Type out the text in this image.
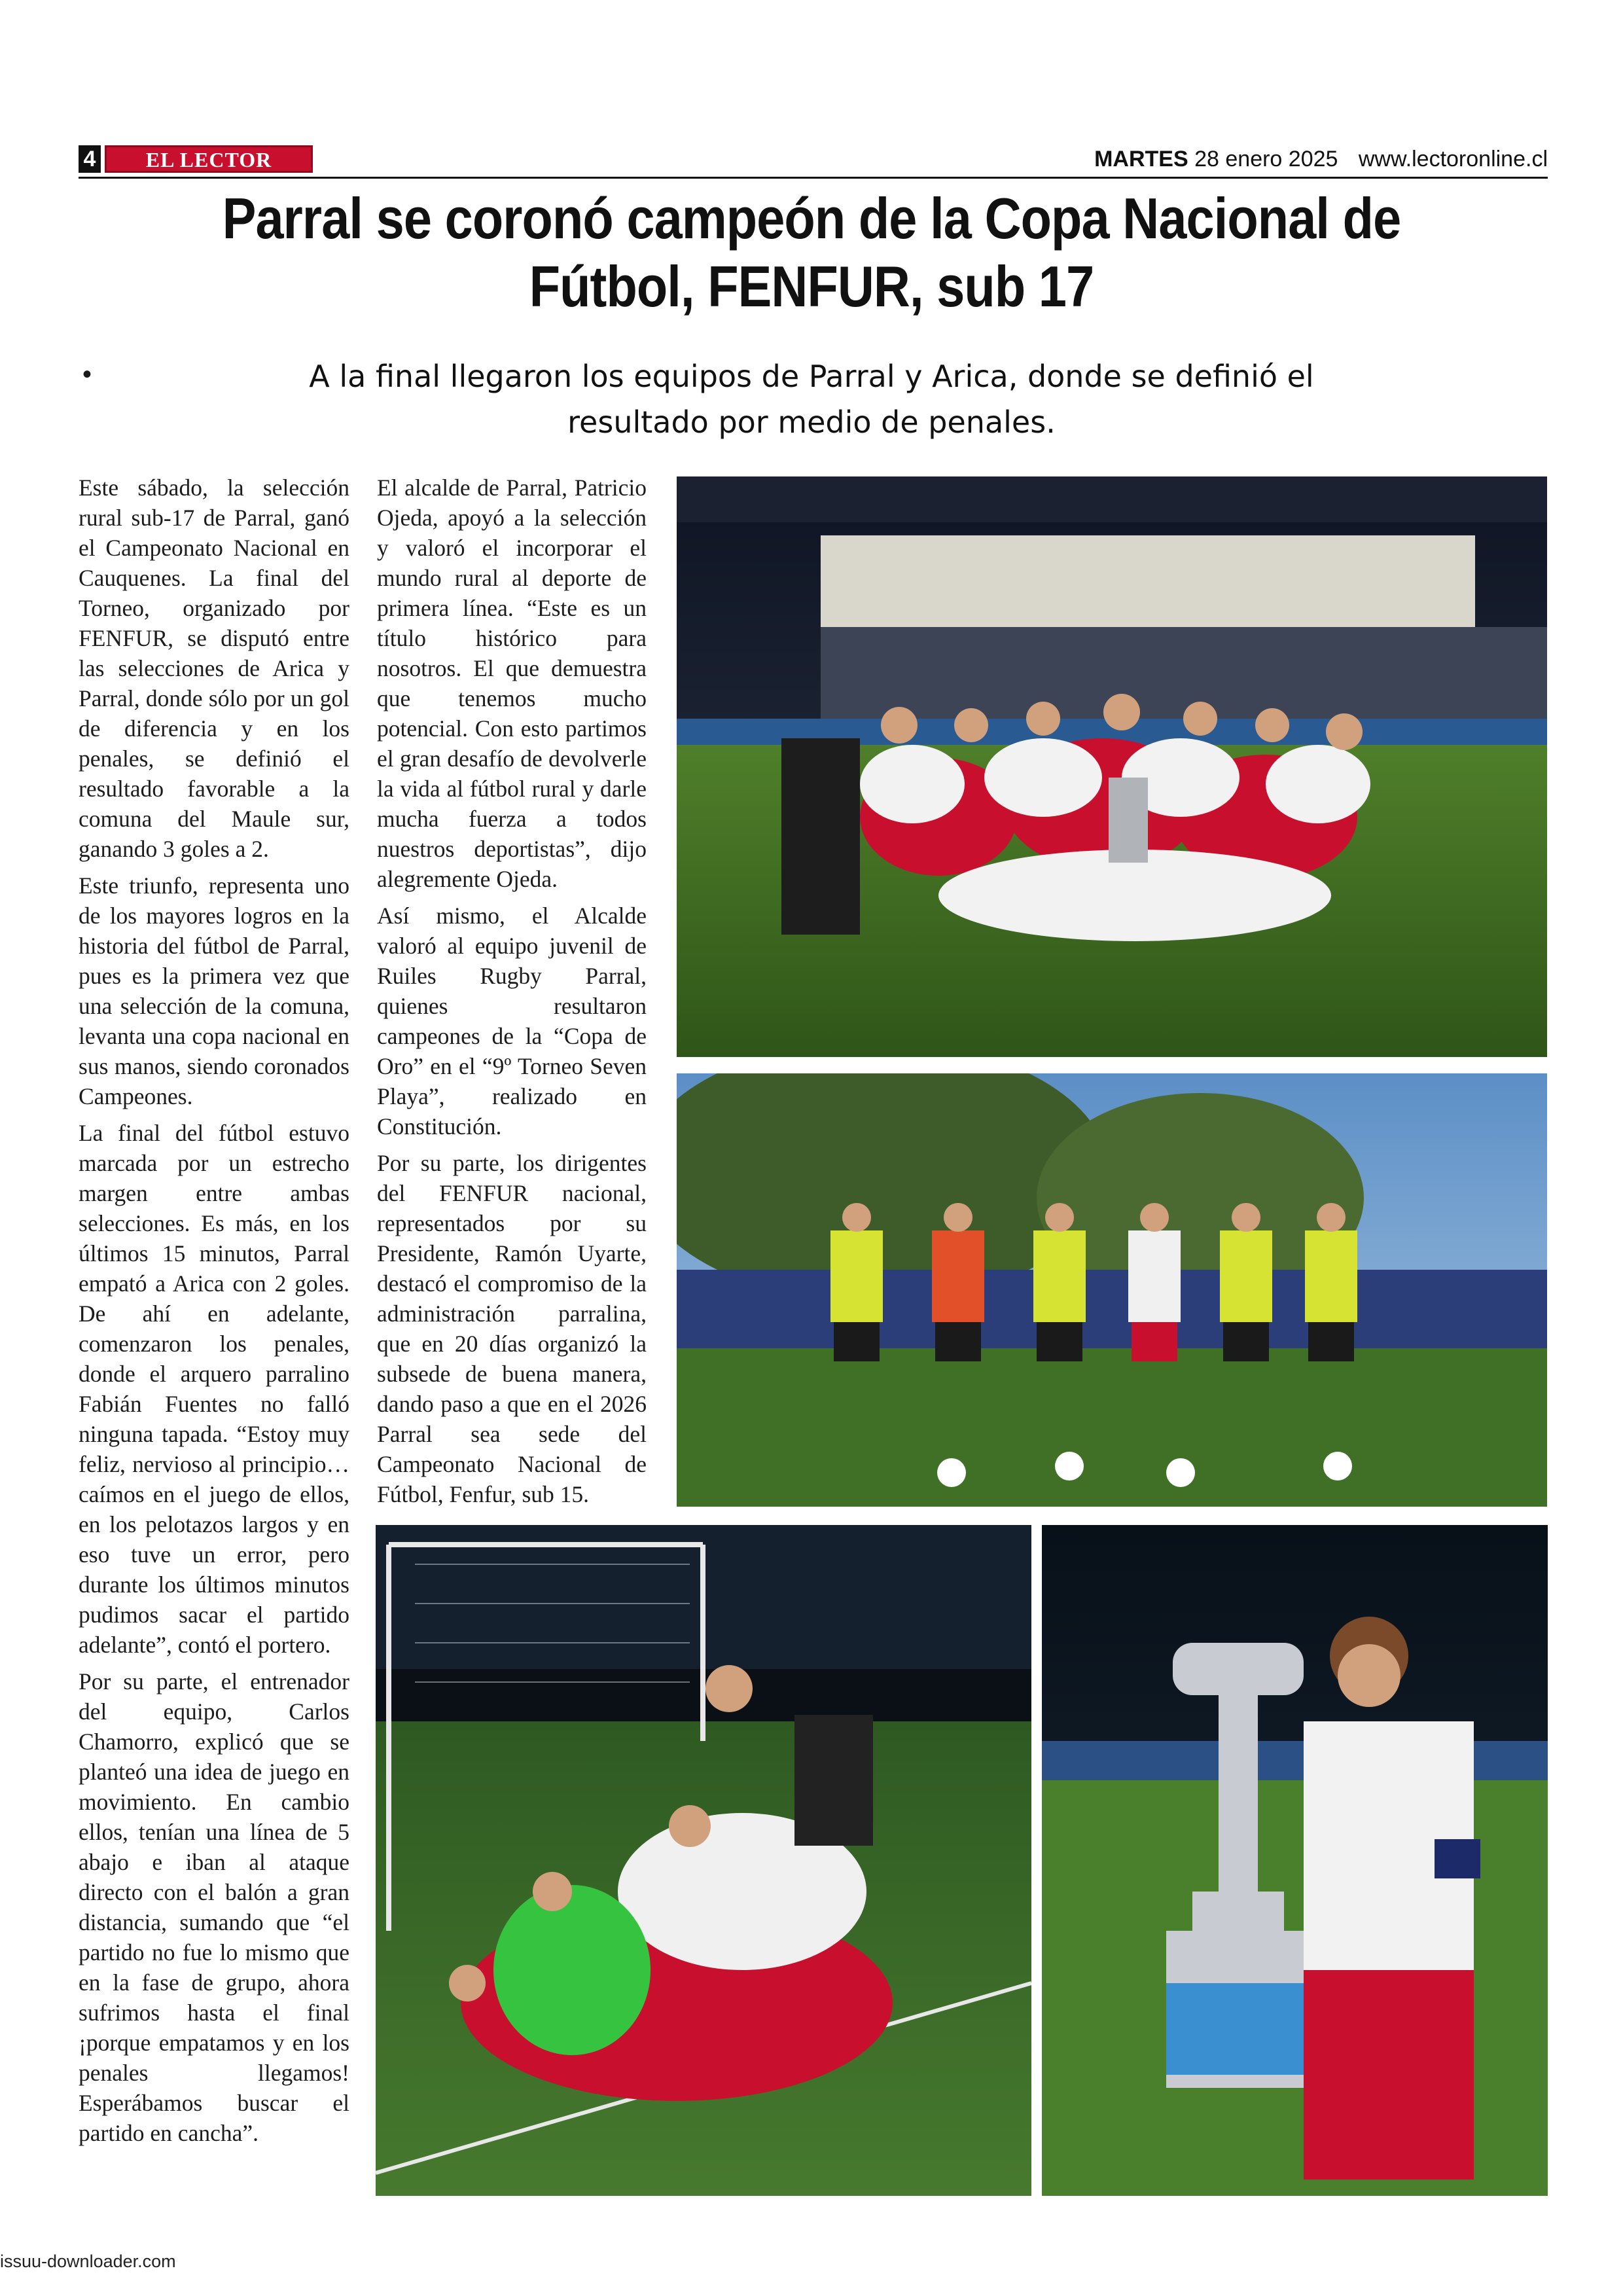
4	EL LECTOR	MARTES 28 enero 2025 www.lectoronline.cl
Parral se coronó campeón de la Copa Nacional de Fútbol, FENFUR, sub 17
•	A la final llegaron los equipos de Parral y Arica, donde se definió el resultado por medio de penales.

Este sábado, la selección rural sub-17 de Parral, ganó el Campeonato Nacional en Cauquenes. La final del Torneo, organizado por FENFUR, se disputó entre las selecciones de Arica y Parral, donde sólo por un gol de diferencia y en los penales, se definió el resultado favorable a la comuna del Maule sur, ganando 3 goles a 2.

Este triunfo, representa uno de los mayores logros en la historia del fútbol de Parral, pues es la primera vez que una selección de la comuna, levanta una copa nacional en sus manos, siendo coronados Campeones.

La final del fútbol estuvo marcada por un estrecho margen entre ambas selecciones. Es más, en los últimos 15 minutos, Parral empató a Arica con 2 goles. De ahí en adelante, comenzaron los penales, donde el arquero parralino Fabián Fuentes no falló ninguna tapada. “Estoy muy feliz, nervioso al principio… caímos en el juego de ellos, en los pelotazos largos y en eso tuve un error, pero durante los últimos minutos pudimos sacar el partido adelante”, contó el portero.

Por su parte, el entrenador del equipo, Carlos Chamorro, explicó que se planteó una idea de juego en movimiento. En cambio ellos, tenían una línea de 5 abajo e iban al ataque directo con el balón a gran distancia, sumando que “el partido no fue lo mismo que en la fase de grupo, ahora sufrimos hasta el final ¡porque empatamos y en los penales llegamos! Esperábamos buscar el partido en cancha”.

El alcalde de Parral, Patricio Ojeda, apoyó a la selección y valoró el incorporar el mundo rural al deporte de primera línea. “Este es un título histórico para nosotros. El que demuestra que tenemos mucho potencial. Con esto partimos el gran desafío de devolverle la vida al fútbol rural y darle mucha fuerza a todos nuestros deportistas”, dijo alegremente Ojeda.

Así mismo, el Alcalde valoró al equipo juvenil de Ruiles Rugby Parral, quienes resultaron campeones de la “Copa de Oro” en el “9º Torneo Seven Playa”, realizado en Constitución.

Por su parte, los dirigentes del FENFUR nacional, representados por su Presidente, Ramón Uyarte, destacó el compromiso de la administración parralina, que en 20 días organizó la subsede de buena manera, dando paso a que en el 2026 Parral sea sede del Campeonato Nacional de Fútbol, Fenfur, sub 15.

issuu-downloader.com
